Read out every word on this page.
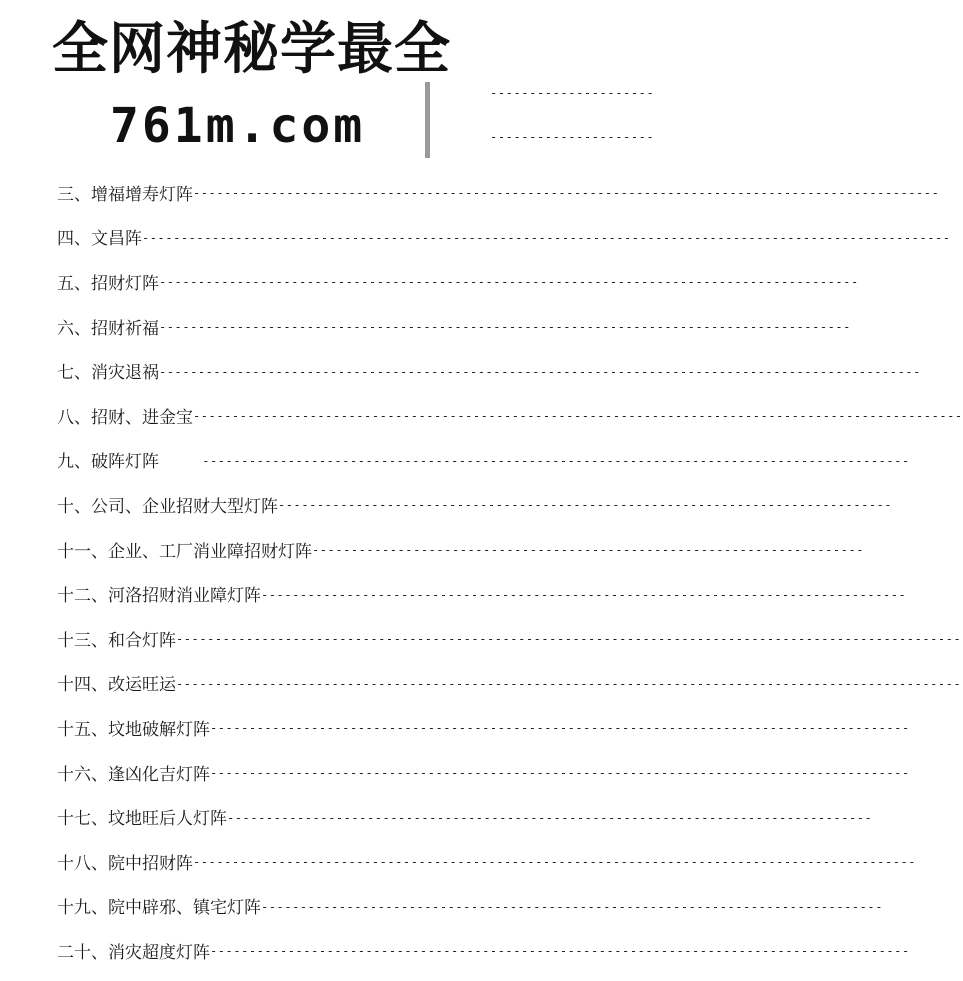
全网神秘学最全
761m.com
---------------------
---------------------
三、 增福增寿灯阵 ------------------------------------------------------------------------------------------------
四、 文昌阵 --------------------------------------------------------------------------------------------------------
五、 招财灯阵 ------------------------------------------------------------------------------------------
六、 招财祈福 -----------------------------------------------------------------------------------------
七、 消灾退祸 --------------------------------------------------------------------------------------------------
八、 招财、进金宝 ---------------------------------------------------------------------------------------------------
九、 破阵灯阵 -------------------------------------------------------------------------------------------
十、 公司、企业招财大型灯阵 -------------------------------------------------------------------------------
十一、 企业、工厂消业障招财灯阵 -----------------------------------------------------------------------
十二、 河洛招财消业障灯阵 -----------------------------------------------------------------------------------
十三、 和合灯阵 -----------------------------------------------------------------------------------------------------
十四、 改运旺运 -----------------------------------------------------------------------------------------------------
十五、 坟地破解灯阵 ------------------------------------------------------------------------------------------
十六、 逢凶化吉灯阵 ------------------------------------------------------------------------------------------
十七、 坟地旺后人灯阵 -----------------------------------------------------------------------------------
十八、 院中招财阵 ---------------------------------------------------------------------------------------------
十九、 院中辟邪、镇宅灯阵 --------------------------------------------------------------------------------
二十、 消灾超度灯阵 ------------------------------------------------------------------------------------------
